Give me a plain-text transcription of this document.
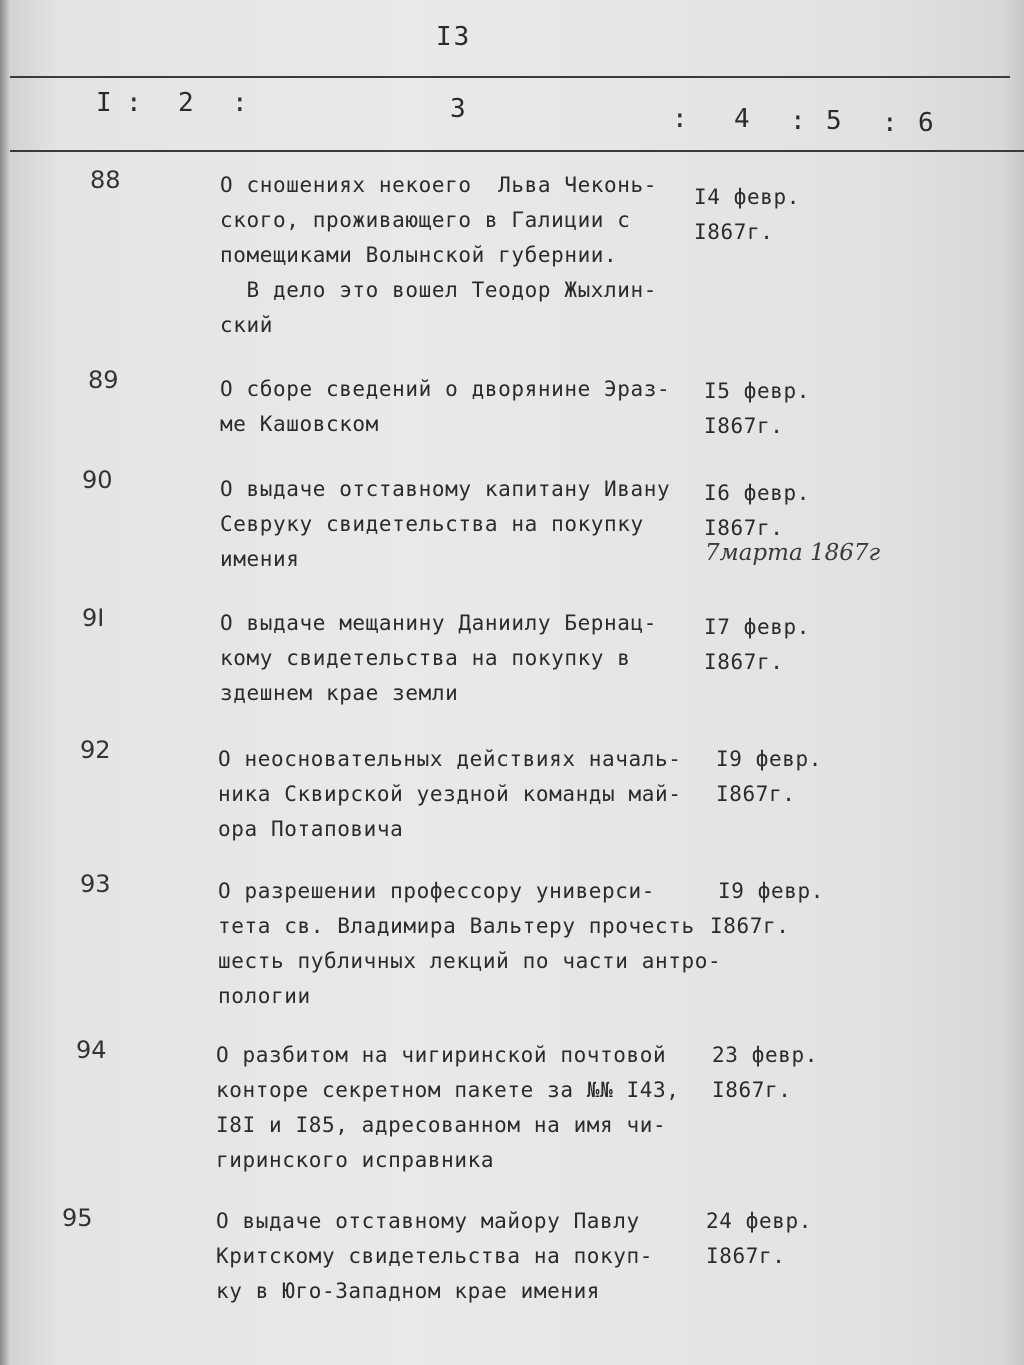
I3
I : 2 :	3	: 4 : 5 : 6
88	О сношениях некоего  Льва Чеконь-
ского, проживающего в Галиции с
помещиками Волынской губернии.
В дело это вошел Теодор Жыхлин-
ский
I4 февр.
I867г.
89	О сборе сведений о дворянине Эраз-
ме Кашовском
I5 февр.
I867г.
90	О выдаче отставному капитану Ивану
Севруку свидетельства на покупку
имения
I6 февр.
I867г.
7марта 1867г
9I	О выдаче мещанину Даниилу Бернац-
кому свидетельства на покупку в
здешнем крае земли
I7 февр.
I867г.
92	О неосновательных действиях началь-
ника Сквирской уездной команды май-
ора Потаповича
I9 февр.
I867г.
93	О разрешении профессору универси-
тета св. Владимира Вальтеру прочесть
шесть публичных лекций по части антро-
пологии
I9 февр.
I867г.
94	О разбитом на чигиринской почтовой
конторе секретном пакете за №№ I43,
I8I и I85, адресованном на имя чи-
гиринского исправника
23 февр.
I867г.
95	О выдаче отставному майору Павлу
Критскому свидетельства на покуп-
ку в Юго-Западном крае имения
24 февр.
I867г.
